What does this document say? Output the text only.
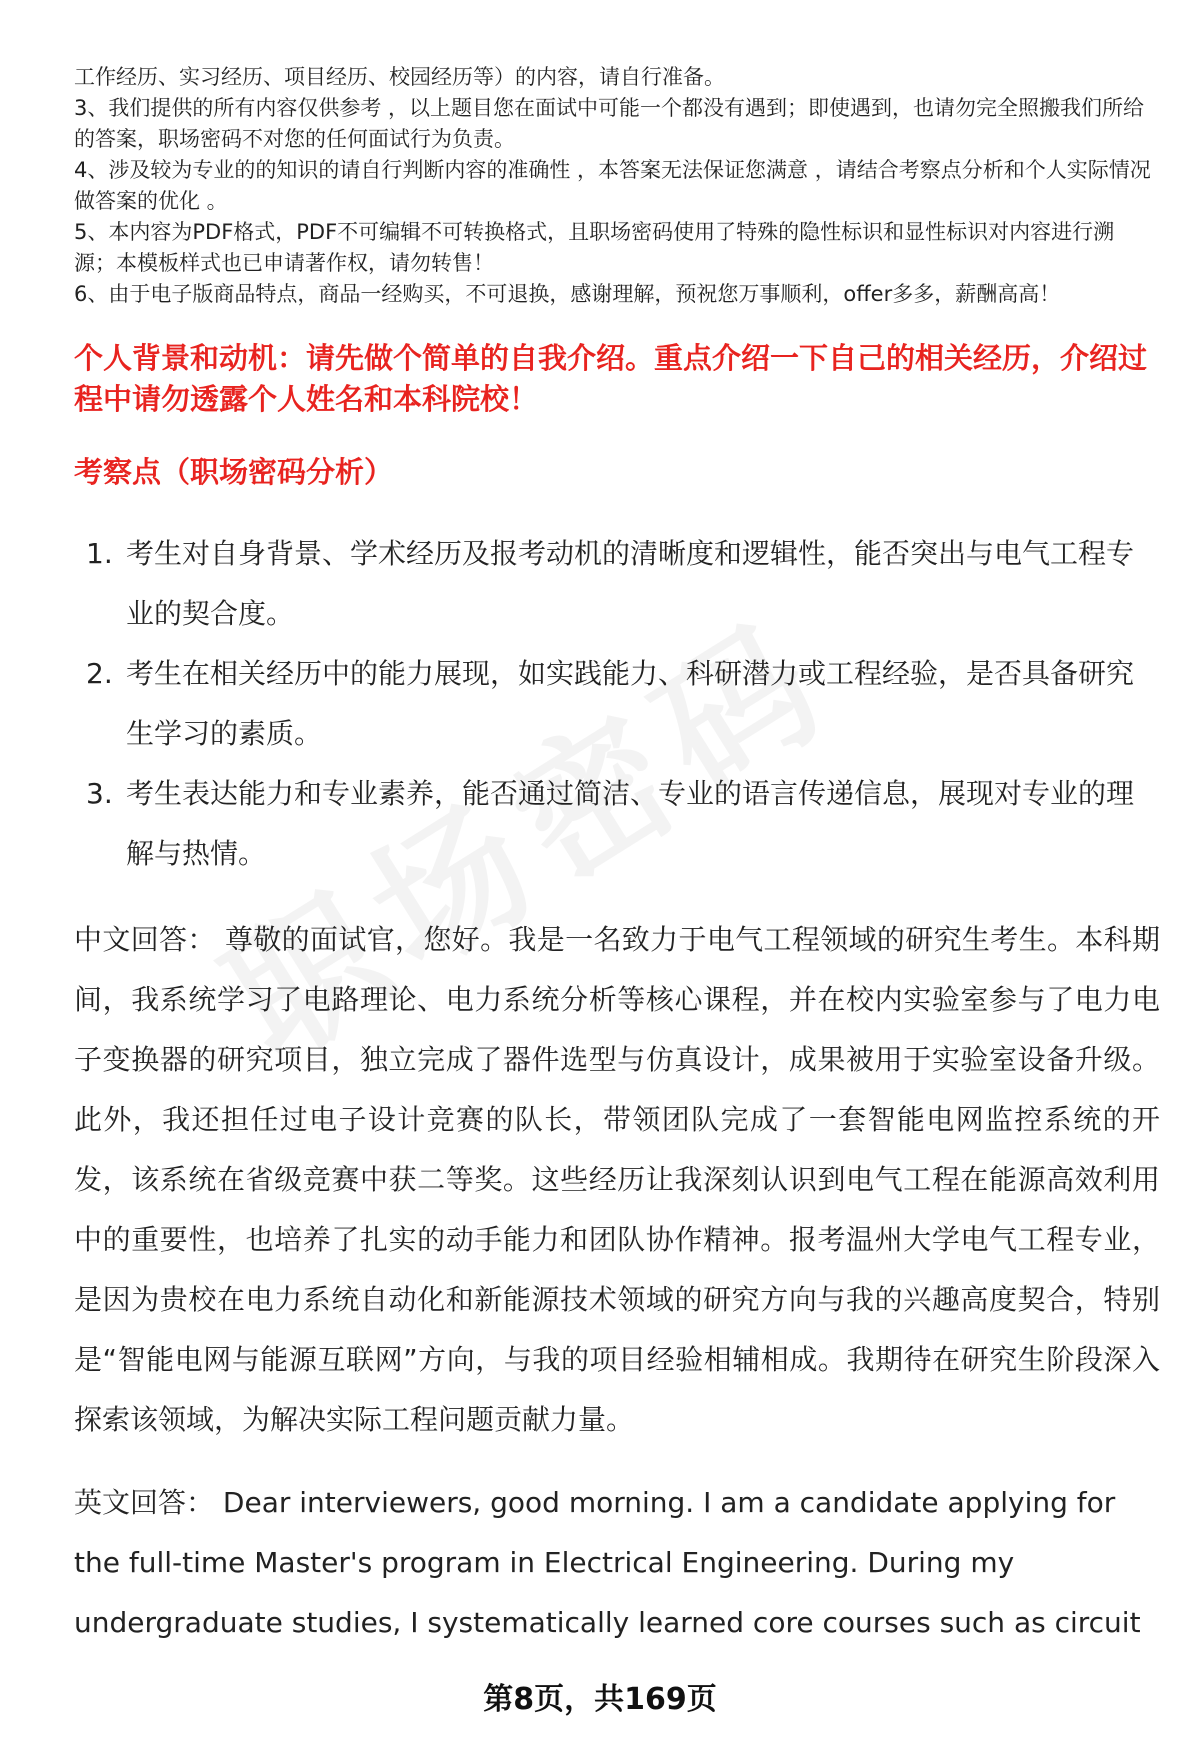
工作经历、实习经历、项目经历、校园经历等）的内容，请自行准备。

3、我们提供的所有内容仅供参考 ，以上题目您在面试中可能一个都没有遇到；即使遇到，也请勿完全照搬我们所给的答案，职场密码不对您的任何面试行为负责。

4、涉及较为专业的的知识的请自行判断内容的准确性 ，本答案无法保证您满意 ，请结合考察点分析和个人实际情况做答案的优化 。

5、本内容为PDF格式，PDF不可编辑不可转换格式，且职场密码使用了特殊的隐性标识和显性标识对内容进行溯源；本模板样式也已申请著作权，请勿转售！

6、由于电子版商品特点，商品一经购买，不可退换，感谢理解，预祝您万事顺利，offer多多，薪酬高高！

个人背景和动机：请先做个简单的自我介绍。重点介绍一下自己的相关经历，介绍过程中请勿透露个人姓名和本科院校！

考察点（职场密码分析）

1. 考生对自身背景、学术经历及报考动机的清晰度和逻辑性，能否突出与电气工程专业的契合度。
2. 考生在相关经历中的能力展现，如实践能力、科研潜力或工程经验，是否具备研究生学习的素质。
3. 考生表达能力和专业素养，能否通过简洁、专业的语言传递信息，展现对专业的理解与热情。

中文回答： 尊敬的面试官，您好。我是一名致力于电气工程领域的研究生考生。本科期间，我系统学习了电路理论、电力系统分析等核心课程，并在校内实验室参与了电力电子变换器的研究项目，独立完成了器件选型与仿真设计，成果被用于实验室设备升级。此外，我还担任过电子设计竞赛的队长，带领团队完成了一套智能电网监控系统的开发，该系统在省级竞赛中获二等奖。这些经历让我深刻认识到电气工程在能源高效利用中的重要性，也培养了扎实的动手能力和团队协作精神。报考温州大学电气工程专业，是因为贵校在电力系统自动化和新能源技术领域的研究方向与我的兴趣高度契合，特别是“智能电网与能源互联网”方向，与我的项目经验相辅相成。我期待在研究生阶段深入探索该领域，为解决实际工程问题贡献力量。

英文回答： Dear interviewers, good morning. I am a candidate applying for the full-time Master's program in Electrical Engineering. During my undergraduate studies, I systematically learned core courses such as circuit

第8页，共169页
